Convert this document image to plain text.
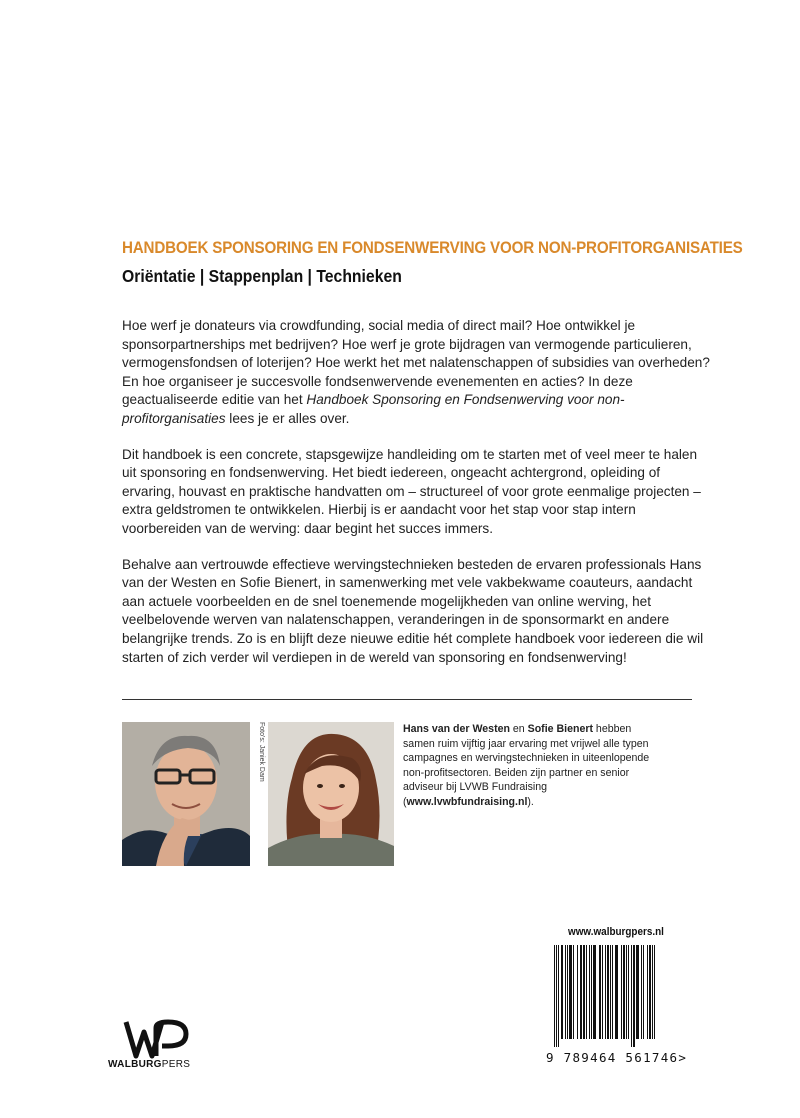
HANDBOEK SPONSORING EN FONDSENWERVING VOOR NON-PROFITORGANISATIES
Oriëntatie | Stappenplan | Technieken

Hoe werf je donateurs via crowdfunding, social media of direct mail? Hoe ontwikkel je sponsorpartnerships met bedrijven? Hoe werf je grote bijdragen van vermogende particulieren, vermogensfondsen of loterijen? Hoe werkt het met nalatenschappen of subsidies van overheden? En hoe organiseer je succesvolle fondsenwervende evenementen en acties? In deze geactualiseerde editie van het Handboek Sponsoring en Fondsenwerving voor non-profitorganisaties lees je er alles over.

Dit handboek is een concrete, stapsgewijze handleiding om te starten met of veel meer te halen uit sponsoring en fondsenwerving. Het biedt iedereen, ongeacht achtergrond, opleiding of ervaring, houvast en praktische handvatten om – structureel of voor grote eenmalige projecten – extra geldstromen te ontwikkelen. Hierbij is er aandacht voor het stap voor stap intern voorbereiden van de werving: daar begint het succes immers.

Behalve aan vertrouwde effectieve wervingstechnieken besteden de ervaren professionals Hans van der Westen en Sofie Bienert, in samenwerking met vele vakbekwame coauteurs, aandacht aan actuele voorbeelden en de snel toenemende mogelijkheden van online werving, het veelbelovende werven van nalatenschappen, veranderingen in de sponsormarkt en andere belangrijke trends. Zo is en blijft deze nieuwe editie hét complete handboek voor iedereen die wil starten of zich verder wil verdiepen in de wereld van sponsoring en fondsenwerving!

Foto's: Janiek Dam	Hans van der Westen en Sofie Bienert hebben samen ruim vijftig jaar ervaring met vrijwel alle typen campagnes en wervingstechnieken in uiteenlopende non-profitsectoren. Beiden zijn partner en senior adviseur bij LVWB Fundraising (www.lvwbfundraising.nl).
www.walburgpers.nl
9 789464 561746>
WALBURGPERS
